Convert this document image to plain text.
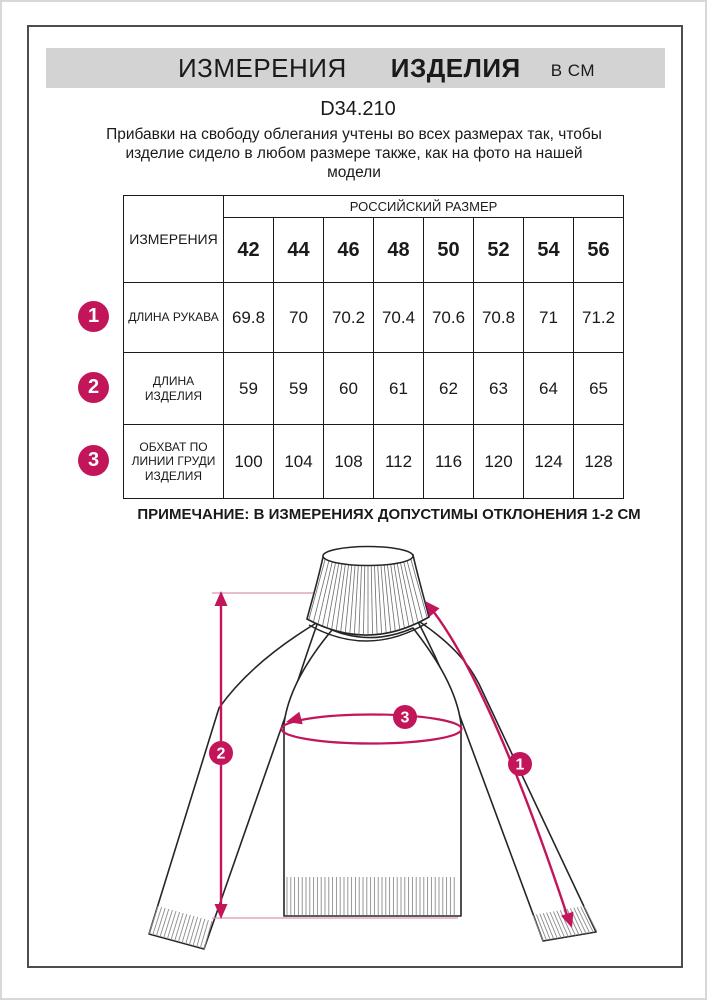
ИЗМЕРЕНИЯ ИЗДЕЛИЯ В СМ
D34.210
Прибавки на свободу облегания учтены во всех размерах так, чтобы
изделие сидело в любом размере также, как на фото на нашей
модели
ИЗМЕРЕНИЯ	РОССИЙСКИЙ РАЗМЕР							
	42	44	46	48	50	52	54	56

ДЛИНА РУКАВА	69.8	70	70.2	70.4	70.6	70.8	71	71.2

ДЛИНА
ИЗДЕЛИЯ	59	59	60	61	62	63	64	65

ОБХВАТ ПО
ЛИНИИ ГРУДИ
ИЗДЕЛИЯ	100	104	108	112	116	120	124	128
1
2
3
ПРИМЕЧАНИЕ: В ИЗМЕРЕНИЯХ ДОПУСТИМЫ ОТКЛОНЕНИЯ 1-2 СМ
2
1
3
